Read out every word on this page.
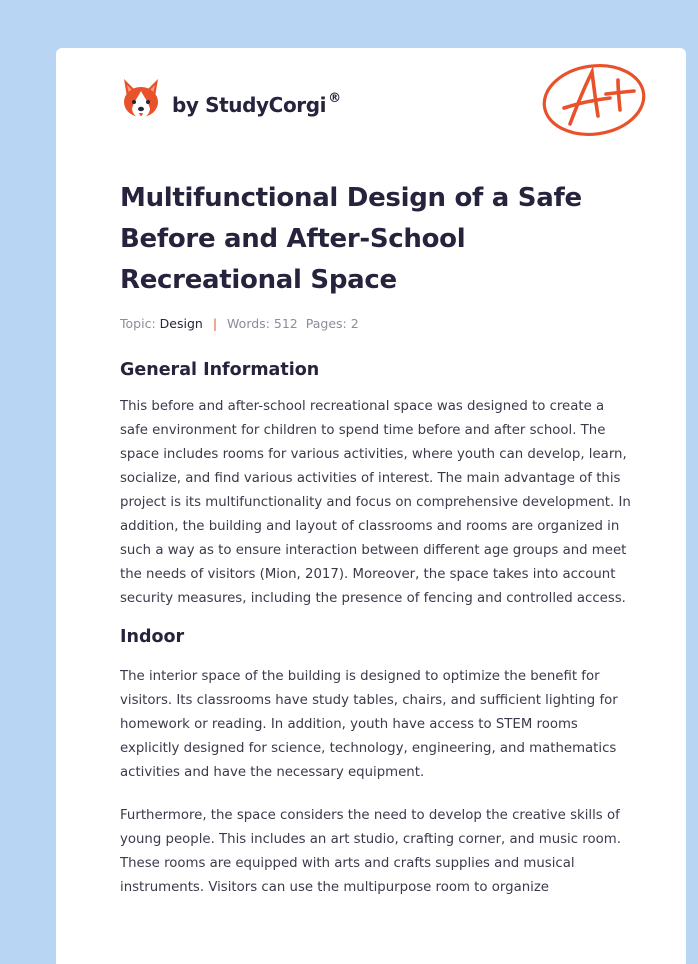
by StudyCorgi ®
Multifunctional Design of a Safe Before and After-School Recreational Space
Topic: Design | Words: 512 Pages: 2
General Information

This before and after-school recreational space was designed to create a safe environment for children to spend time before and after school. The space includes rooms for various activities, where youth can develop, learn, socialize, and find various activities of interest. The main advantage of this project is its multifunctionality and focus on comprehensive development. In addition, the building and layout of classrooms and rooms are organized in such a way as to ensure interaction between different age groups and meet the needs of visitors (Mion, 2017). Moreover, the space takes into account security measures, including the presence of fencing and controlled access.

Indoor

The interior space of the building is designed to optimize the benefit for visitors. Its classrooms have study tables, chairs, and sufficient lighting for homework or reading. In addition, youth have access to STEM rooms explicitly designed for science, technology, engineering, and mathematics activities and have the necessary equipment.

Furthermore, the space considers the need to develop the creative skills of young people. This includes an art studio, crafting corner, and music room. These rooms are equipped with arts and crafts supplies and musical instruments. Visitors can use the multipurpose room to organize
